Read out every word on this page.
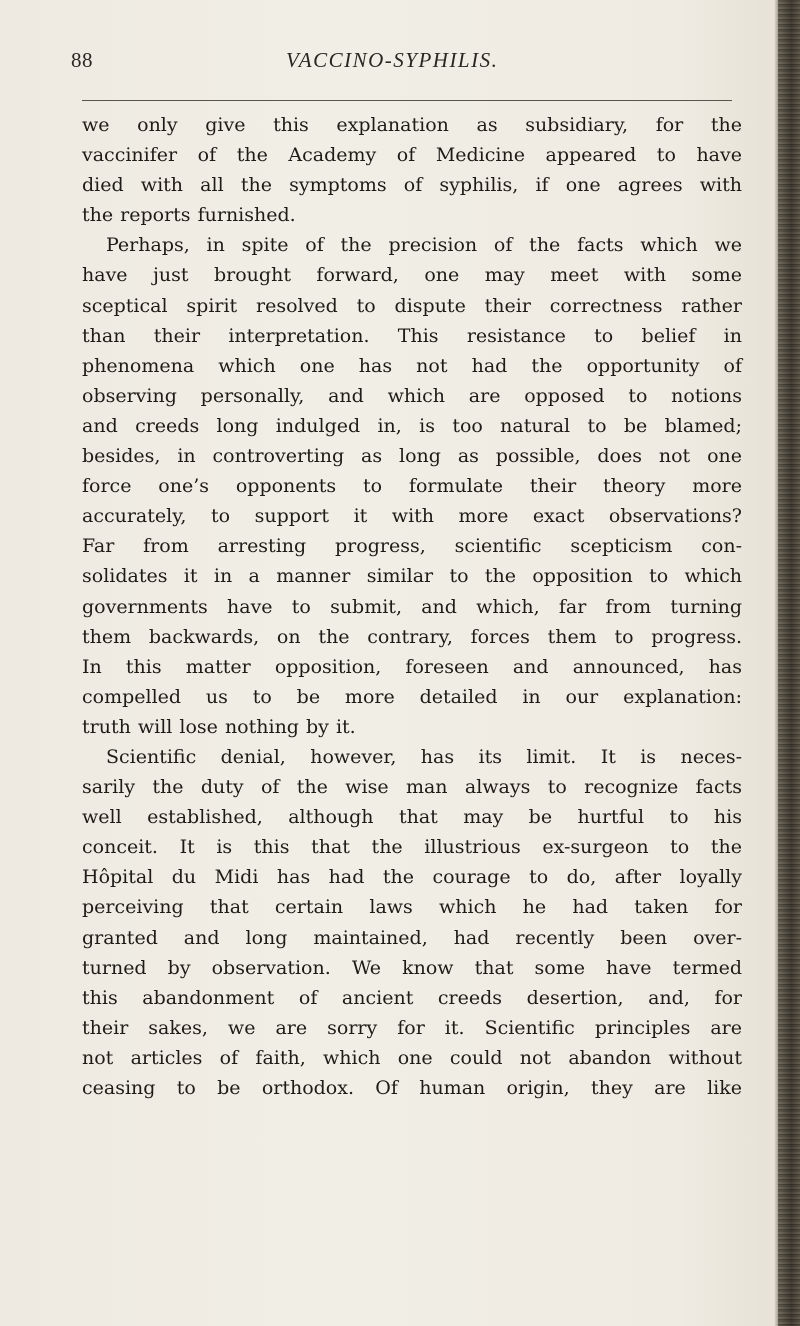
88	VACCINO-SYPHILIS.
we only give this explanation as subsidiary, for the
vaccinifer of the Academy of Medicine appeared to have
died with all the symptoms of syphilis, if one agrees with
the reports furnished.
Perhaps, in spite of the precision of the facts which we
have just brought forward, one may meet with some
sceptical spirit resolved to dispute their correctness rather
than their interpretation. This resistance to belief in
phenomena which one has not had the opportunity of
observing personally, and which are opposed to notions
and creeds long indulged in, is too natural to be blamed;
besides, in controverting as long as possible, does not one
force one’s opponents to formulate their theory more
accurately, to support it with more exact observations?
Far from arresting progress, scientific scepticism con-
solidates it in a manner similar to the opposition to which
governments have to submit, and which, far from turning
them backwards, on the contrary, forces them to progress.
In this matter opposition, foreseen and announced, has
compelled us to be more detailed in our explanation:
truth will lose nothing by it.
Scientific denial, however, has its limit. It is neces-
sarily the duty of the wise man always to recognize facts
well established, although that may be hurtful to his
conceit. It is this that the illustrious ex-surgeon to the
Hôpital du Midi has had the courage to do, after loyally
perceiving that certain laws which he had taken for
granted and long maintained, had recently been over-
turned by observation. We know that some have termed
this abandonment of ancient creeds desertion, and, for
their sakes, we are sorry for it. Scientific principles are
not articles of faith, which one could not abandon without
ceasing to be orthodox. Of human origin, they are like
